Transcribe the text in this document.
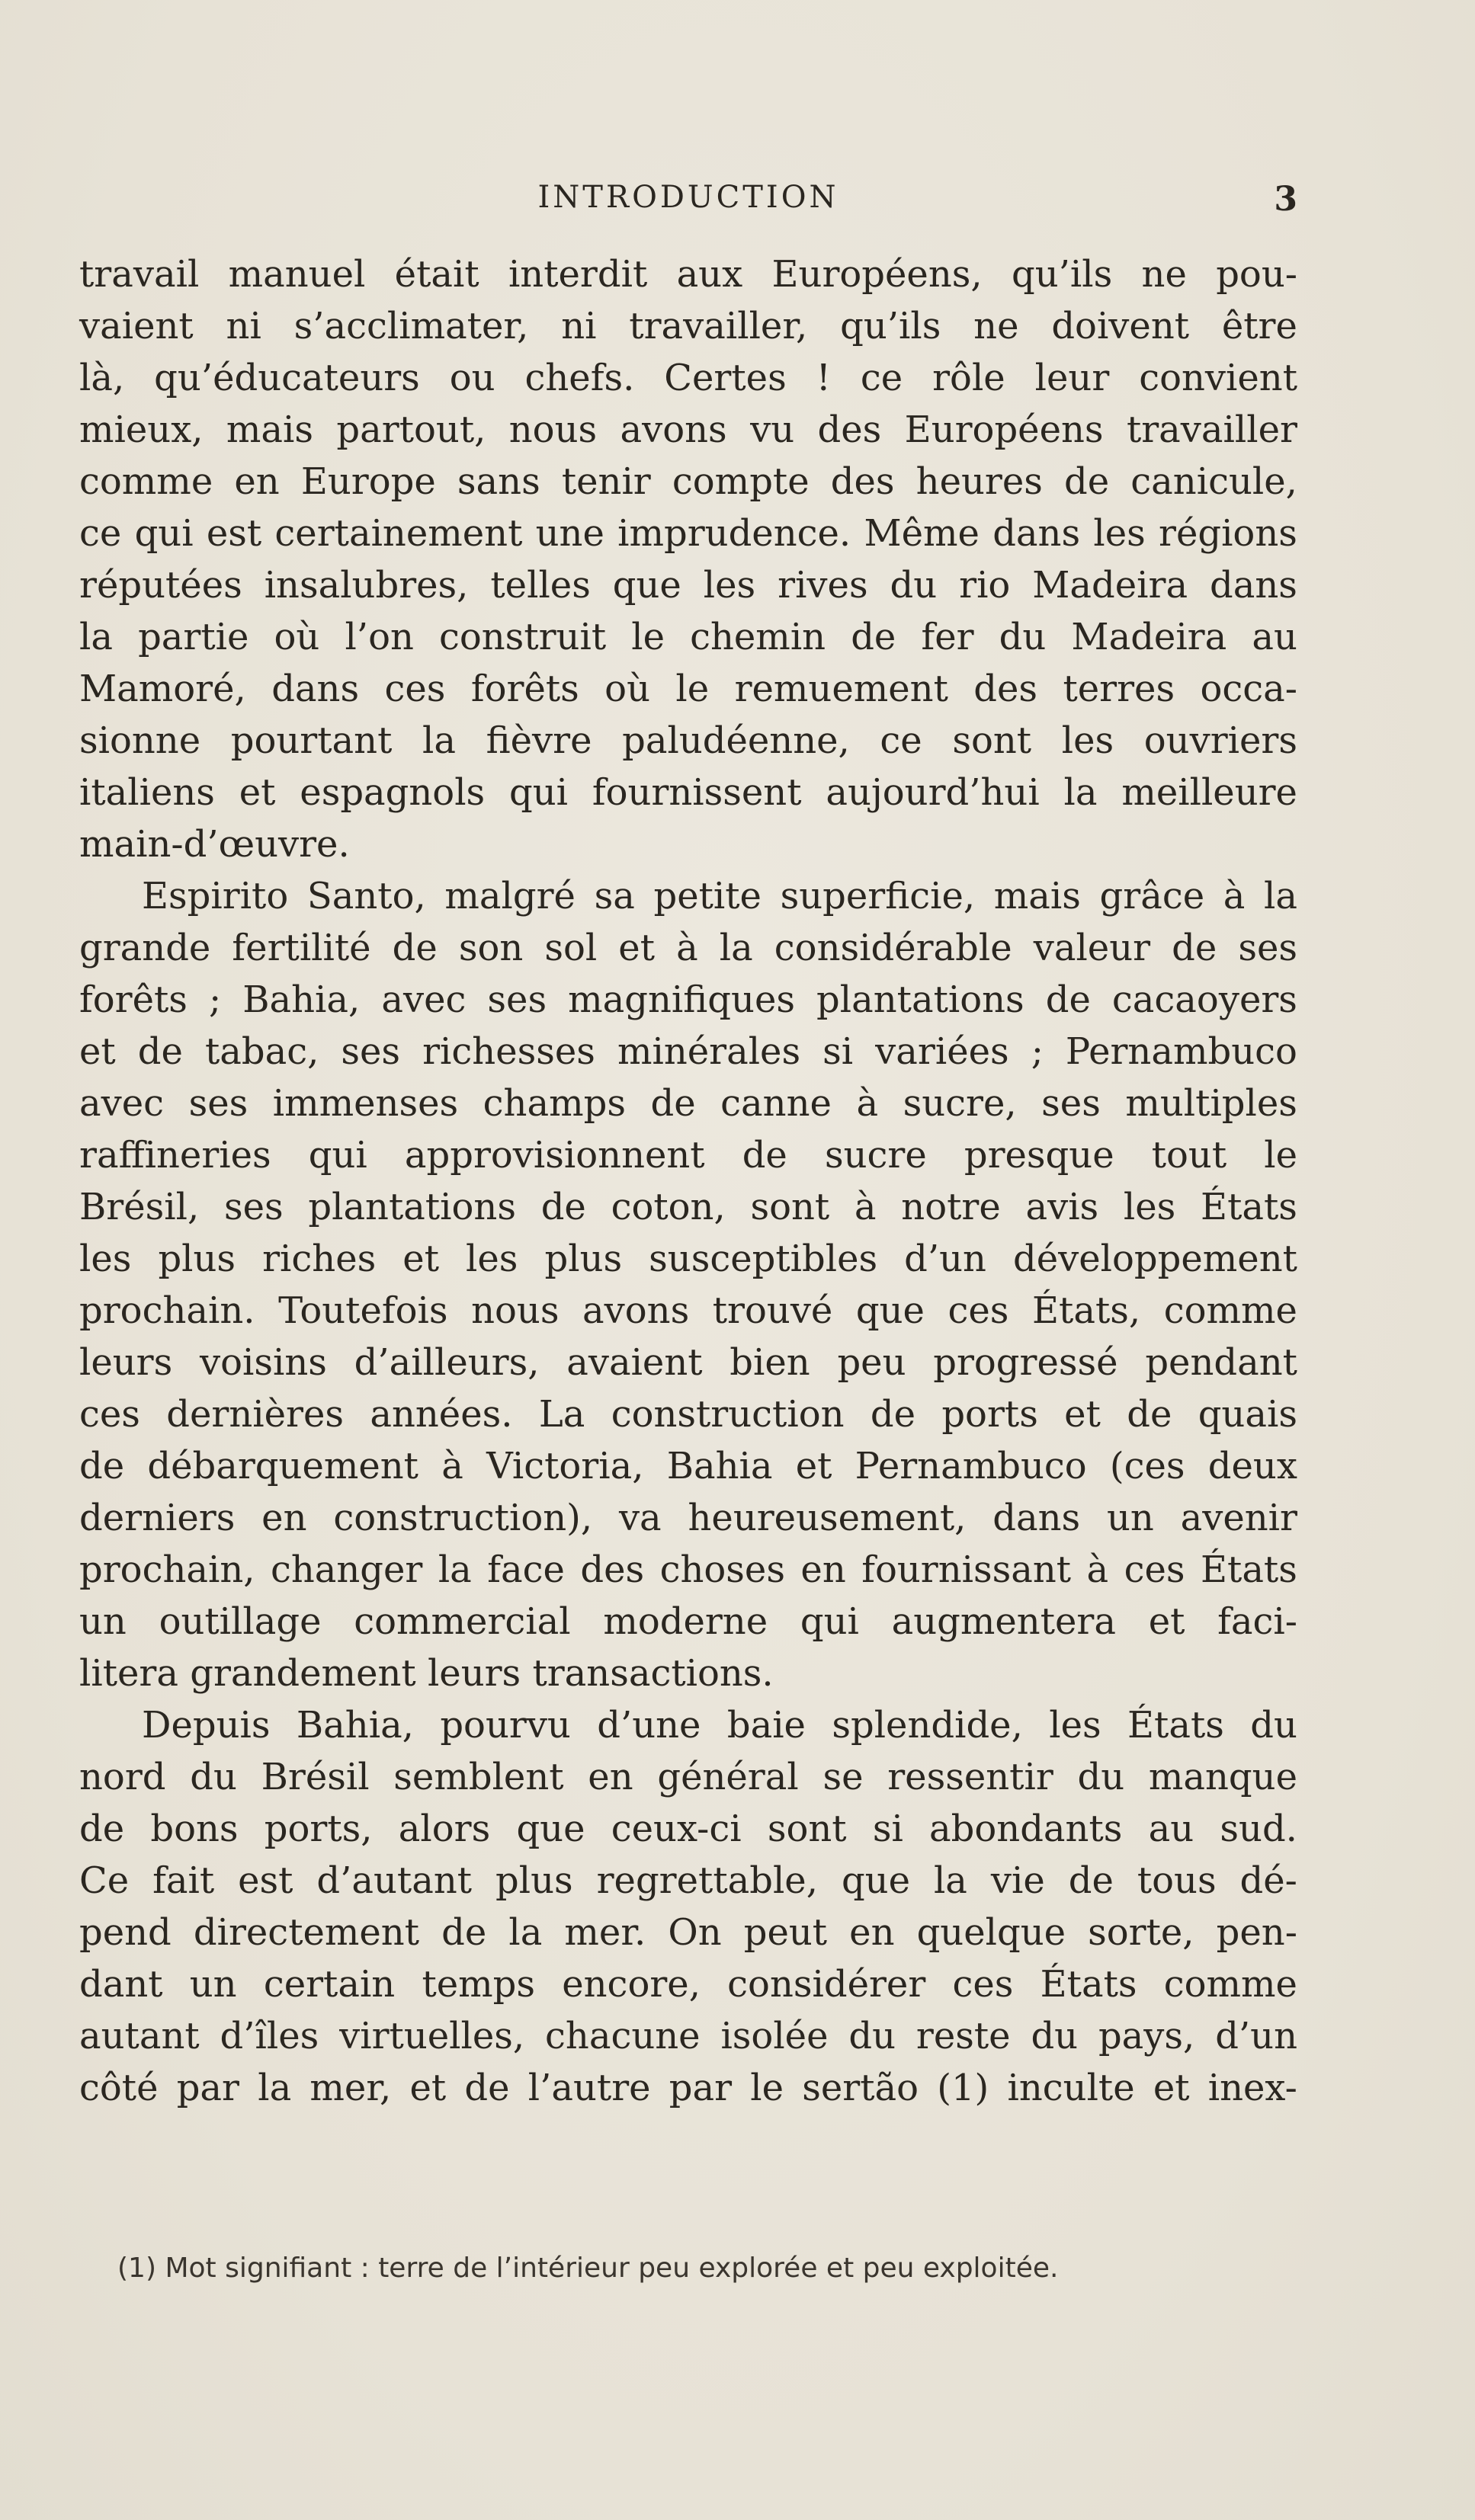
INTRODUCTION	3
travail manuel était interdit aux Européens, qu’ils ne pou-
vaient ni s’acclimater, ni travailler, qu’ils ne doivent être
là, qu’éducateurs ou chefs. Certes ! ce rôle leur convient
mieux, mais partout, nous avons vu des Européens travailler
comme en Europe sans tenir compte des heures de canicule,
ce qui est certainement une imprudence. Même dans les régions
réputées insalubres, telles que les rives du rio Madeira dans
la partie où l’on construit le chemin de fer du Madeira au
Mamoré, dans ces forêts où le remuement des terres occa-
sionne pourtant la fièvre paludéenne, ce sont les ouvriers
italiens et espagnols qui fournissent aujourd’hui la meilleure
main-d’œuvre.
Espirito Santo, malgré sa petite superficie, mais grâce à la
grande fertilité de son sol et à la considérable valeur de ses
forêts ; Bahia, avec ses magnifiques plantations de cacaoyers
et de tabac, ses richesses minérales si variées ; Pernambuco
avec ses immenses champs de canne à sucre, ses multiples
raffineries qui approvisionnent de sucre presque tout le
Brésil, ses plantations de coton, sont à notre avis les États
les plus riches et les plus susceptibles d’un développement
prochain. Toutefois nous avons trouvé que ces États, comme
leurs voisins d’ailleurs, avaient bien peu progressé pendant
ces dernières années. La construction de ports et de quais
de débarquement à Victoria, Bahia et Pernambuco (ces deux
derniers en construction), va heureusement, dans un avenir
prochain, changer la face des choses en fournissant à ces États
un outillage commercial moderne qui augmentera et faci-
litera grandement leurs transactions.
Depuis Bahia, pourvu d’une baie splendide, les États du
nord du Brésil semblent en général se ressentir du manque
de bons ports, alors que ceux-ci sont si abondants au sud.
Ce fait est d’autant plus regrettable, que la vie de tous dé-
pend directement de la mer. On peut en quelque sorte, pen-
dant un certain temps encore, considérer ces États comme
autant d’îles virtuelles, chacune isolée du reste du pays, d’un
côté par la mer, et de l’autre par le sertão (1) inculte et inex-
(1) Mot signifiant : terre de l’intérieur peu explorée et peu exploitée.
